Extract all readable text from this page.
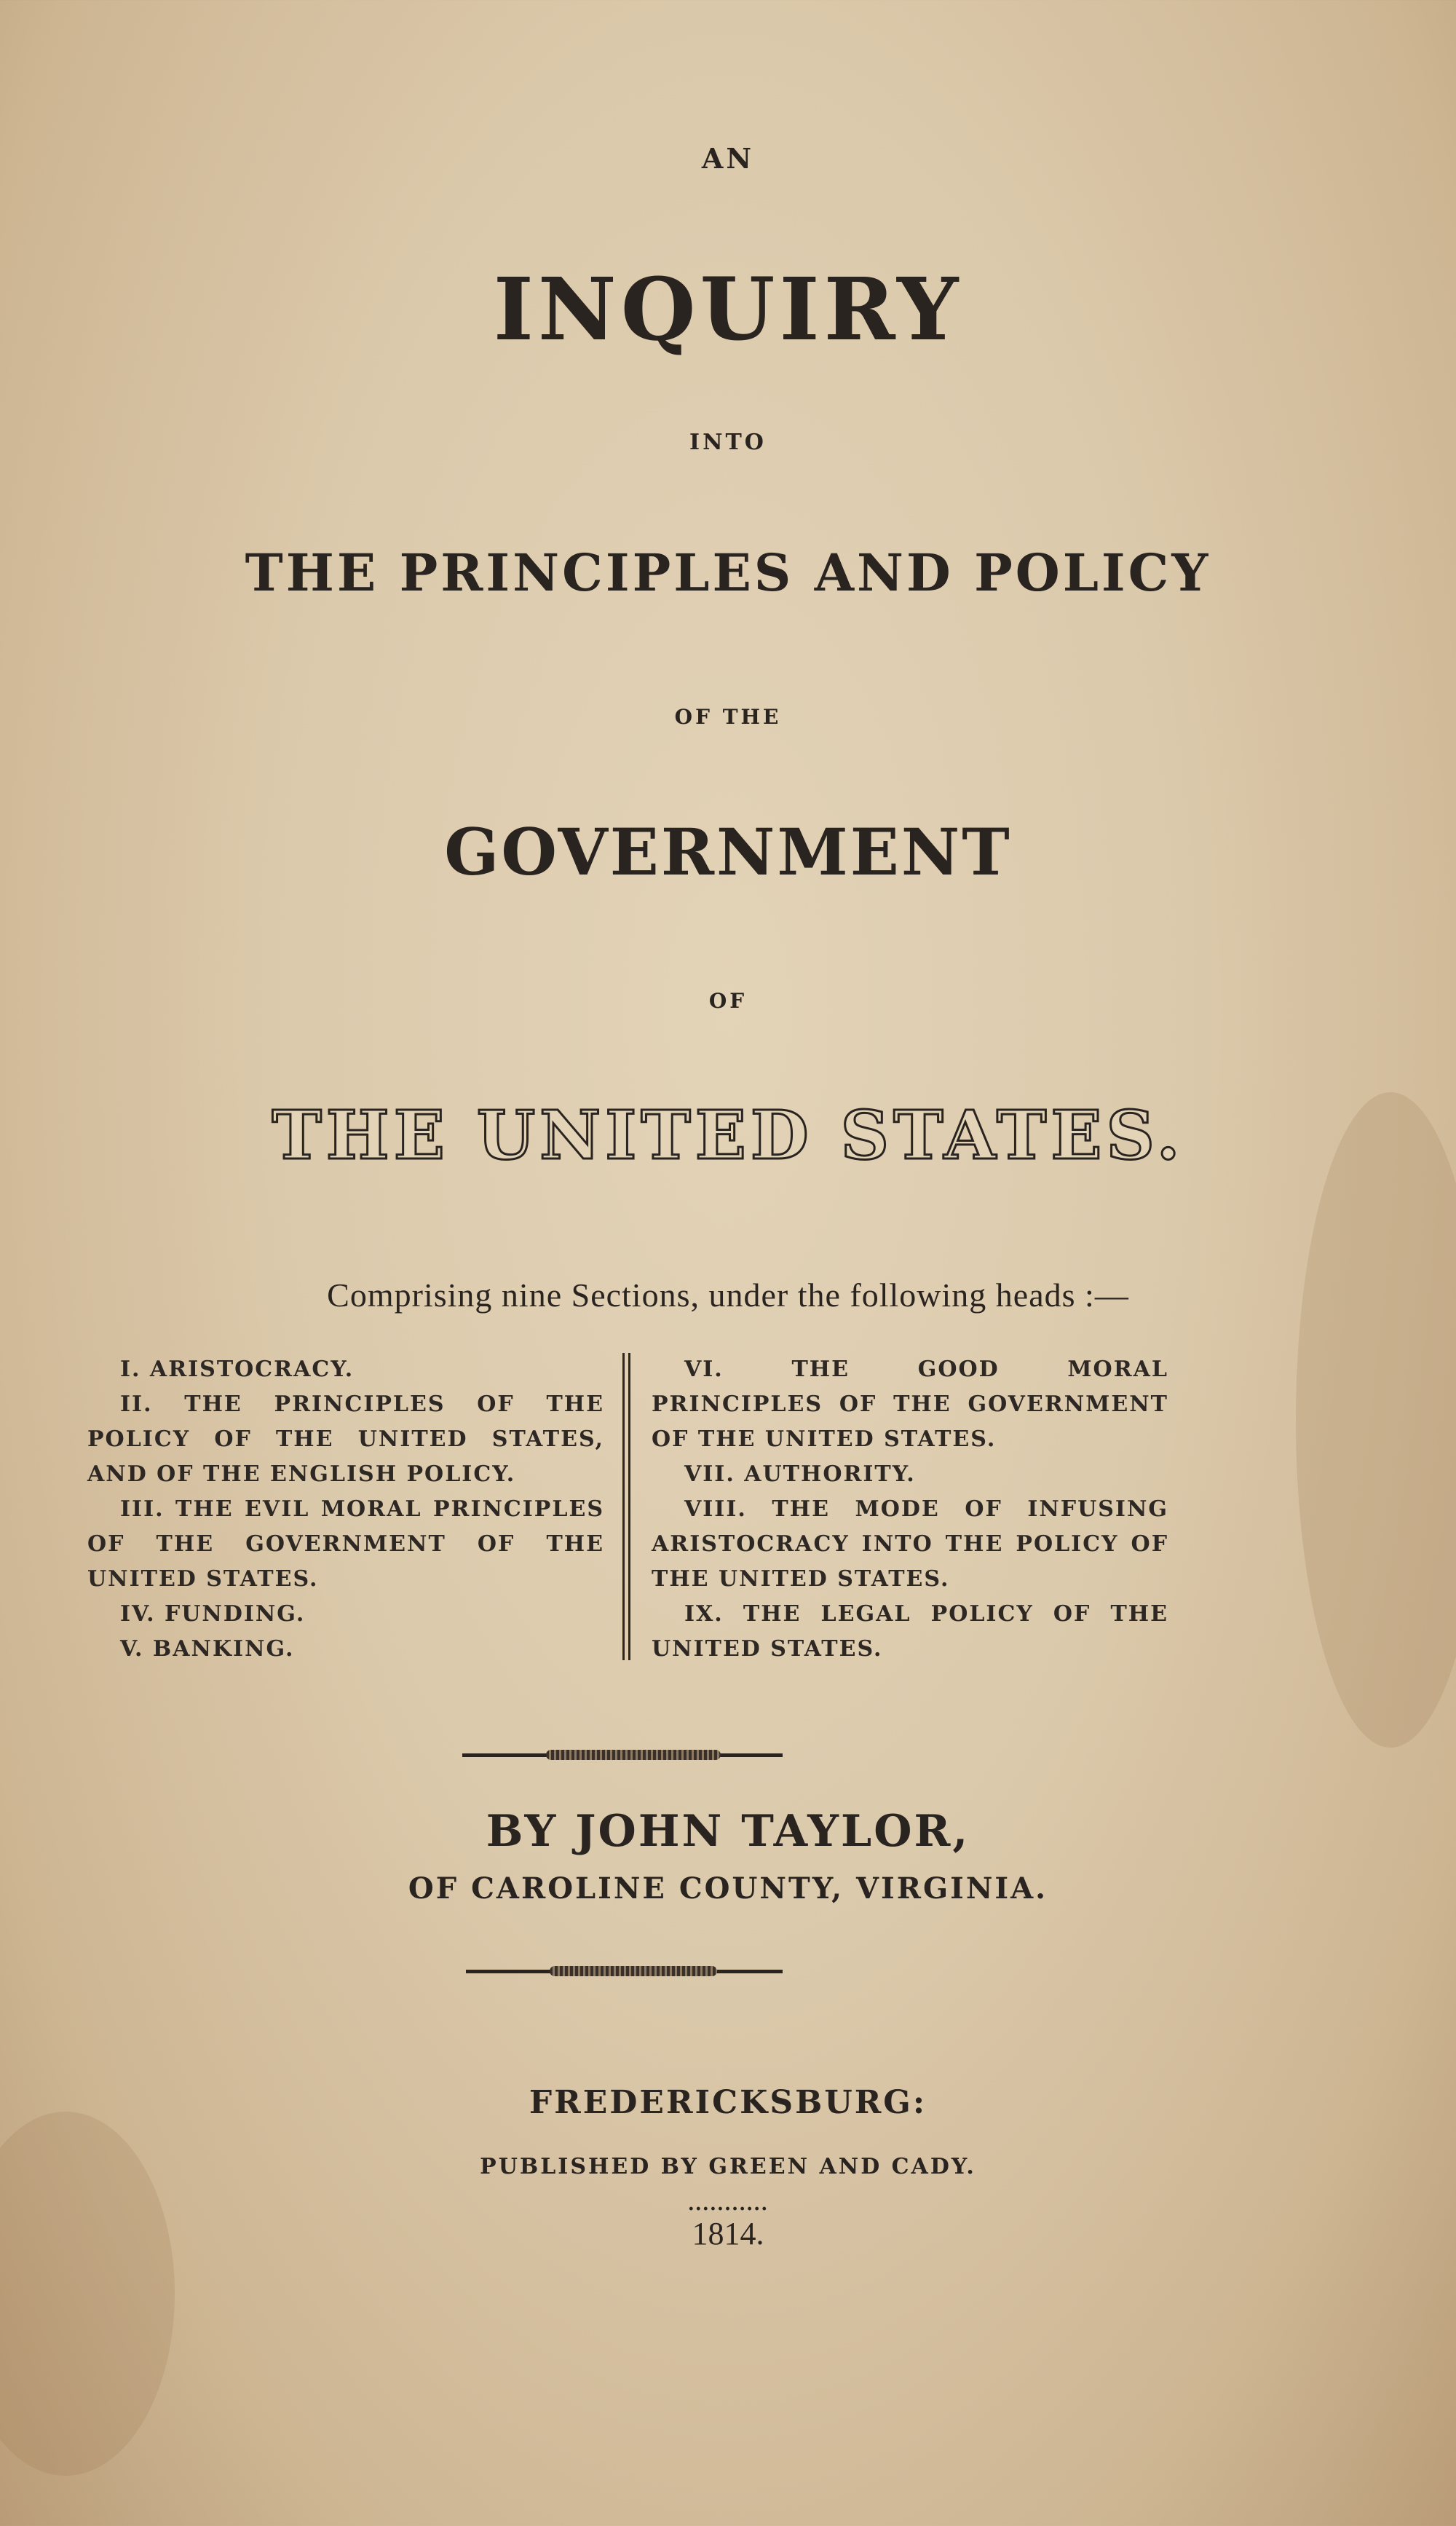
AN
INQUIRY
INTO
THE PRINCIPLES AND POLICY
OF THE
GOVERNMENT
OF
THE UNITED STATES.
Comprising nine Sections, under the following heads :—

I. ARISTOCRACY.

II. THE PRINCIPLES OF THE POLICY OF THE UNITED STATES, AND OF THE ENGLISH POLICY.

III. THE EVIL MORAL PRINCIPLES OF THE GOVERNMENT OF THE UNITED STATES.

IV. FUNDING.

V. BANKING.

VI. THE GOOD MORAL PRINCIPLES OF THE GOVERNMENT OF THE UNITED STATES.

VII. AUTHORITY.

VIII. THE MODE OF INFUSING ARISTOCRACY INTO THE POLICY OF THE UNITED STATES.

IX. THE LEGAL POLICY OF THE UNITED STATES.

BY JOHN TAYLOR,
OF CAROLINE COUNTY, VIRGINIA.
FREDERICKSBURG:
PUBLISHED BY GREEN AND CADY.
...........
1814.
